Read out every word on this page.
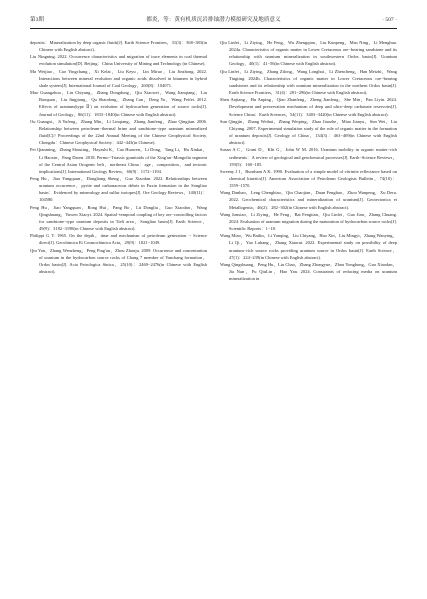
第3期	都炎，等：黄有机质沉岩排铀潜力模拟研究及地质意义	· 507 ·

deposits：Mineralization by deep organic fluids[J]. Earth Science Frontiers，31(3)：368−383(in Chinese with English abstract).

Liu Ningning. 2022. Occurrence characteristics and migration of trace elements in coal thermal evolution simulation[D]. Beijing：China University of Mining and Technology (in Chinese).

Ma Weijiao，Cao Yingchang，Xi Kelai，Liu Keyu，Lin Miruo，Liu Jinzhong. 2022. Interactions between mineral evolution and organic acids dissolved in bitumen in hybrid shale system[J]. International Journal of Coal Geology，260(8)：104071.

Mao Guangzhou，Liu Chiyang，Zhang Dongdong，Qiu Xiaowei，Wang Jianqiang，Liu Baoquan，Liu Jingjiang，Qu Shaodong，Zhang Can，Deng Yu，Wang Feifei. 2012. Effects of uranium(type Ⅱ) on evolution of hydrocarbon generation of source rocks[J]. Journal of Geology，86(11)：1833−1840(in Chinese with English abstract).

Ou Guangxi，Ji Yufeng，Zhang Min，Li Linqiang，Zhang Jianfeng，Zhao Qingjian. 2006. Relationship between petroleum−thermal brine and sandstone−type uranium mineralized fluid[C]// Proceedings of the 22nd Annual Meeting of the Chinese Geophysical Society. Chengdu：Chinese Geophysical Society：442−443(in Chinese).

Pei Qianming，Zhang Shouting，Hayashi K，Cao Huawen，Li Dong，Tang Li，Hu Xinkai，Li Haoxin，Fang Daren. 2018. Permo−Triassic granitoids of the Xing'an−Mongolia segment of the Central Asian Orogenic belt，northeast China：age，composition，and tectonic implications[J]. International Geology Review，60(9)：1172−1194.

Peng Hu，Jiao Yangquan，Dongliang Sheng，Guo Xiaodan. 2022. Relationships between uranium occurrence，pyrite and carbonaceous debris in Fuxin formation in the Songliao basin：Evidenced by mineralogy and sulfur isotopes[J]. Ore Geology Reviews，140(11)：104580.

Peng Hu，Jiao Yangquan，Rong Hui，Pang Bo，Lü Dongliu，Guo Xiaodan，Wang Qingshuang，Yuwen Xiaoyi. 2024. Spatial−temporal coupling of key ore−controlling factors for sandstone−type uranium deposits in Tieli area，Songliao basin[J]. Earth Science，49(9)：3182−3198(in Chinese with English abstract).

Philippi G T. 1965. On the depth，time and mechanism of petroleum generation − Science direct[J]. Geochimica Et Cosmochimica Acta，29(9)：1021−1049.

Qin Yan，Zhang Wenzheng，Peng Ping'an，Zhou Zhonju. 2009. Occurrence and concentration of uranium in the hydrocarbon source rocks of Chang 7 member of Yanchang formation，Ordos basin[J]. Acta Petrologica Sinica，25(10)：2469−2476(in Chinese with English abstract).

Qiu Linfei，Li Ziying，He Feng，Wu Zhengqian，Liu Kunpeng，Mao Ning，Li Menghua. 2024a. Characteristics of organic matter in Lower Cretaceous ore−bearing sandstone and its relationship with uranium mineralization in southwestern Ordos basin[J]. Uranium Geology，40(1)：41−56(in Chinese with English abstract).

Qiu Linfei，Li Ziying，Zhang Zilong，Wang Longhui，Li Zhencheng，Han Meizhi，Wang Tingting. 2024b. Characteristics of organic matter in Lower Cretaceous ore−bearing sandstones and its relationship with uranium mineralization in the northern Ordos basin[J]. Earth Science Frontiers，31(4)：281−296(in Chinese with English abstract).

Shen Anjiang，Hu Anping，Qiao Zhanfeng，Zheng Jianfeng，She Min，Pan Liyin. 2024. Development and preservation mechanism of deep and ultra−deep carbonate reservoirs[J]. Science China：Earth Sciences，54(11)：3403−3420(in Chinese with English abstract).

Sun Qingjin，Zhang Weihai，Zhang Weiping，Zhao Jiaozhe，Miao Jianyu，Sun Wei，Liu Chiyang. 2007. Experimental simulation study of the role of organic matter in the formation of uranium deposits[J]. Geology of China，134(3)：463−469(in Chinese with English abstract).

Susan A C，Grant D，Klit G，John W M. 2016. Uranium mobility in organic matter−rich sediments：A review of geological and geochemical processes[J]. Earth−Science Reviews，159(5)：160−185.

Sweeny J J，Burnham A K. 1990. Evaluation of a simple model of vitrinite reflectance based on chemical kinetics[J]. American Association of Petroleum Geologists Bulletin，74(10)：1559−1570.

Wang Danhao，Leng Chengbiao，Qin Chaojian，Duan Fenghao，Zhou Wanpeng，Xu Deru. 2022. Geochemical characteristics and mineralization of uranium[J]. Geotectonica et Metallogenia，46(2)：282−302(in Chinese with English abstract).

Wang Junxiao，Li Ziying，He Feng，Bai Fengtian，Qiu Linfei，Guo Jian，Zhang Chuang. 2024. Evaluation of uranium migration during the maturation of hydrocarbon source rocks[J]. Scientific Reports：1−18.

Wang Miao，Wu Bailin，Li Yanqing，Liu Chiyang，Hao Xin，Liu Mingyi，Zhang Wanying，Li Qi，Yao Luhang，Zhang Xiaorui. 2022. Experimental study on possibility of deep uranium−rich source rocks providing uranium source in Ordos basin[J]. Earth Science，47(1)：224−239(in Chinese with English abstract).

Wang Qingshuang，Peng Hu，Liu Chao，Zhang Zhongyue，Zhou Yonghong，Guo Xiaodan，Jia Nan，Fu QiuLin，Hao Yan. 2024. Constraints of reducing media on uranium mineralization in
